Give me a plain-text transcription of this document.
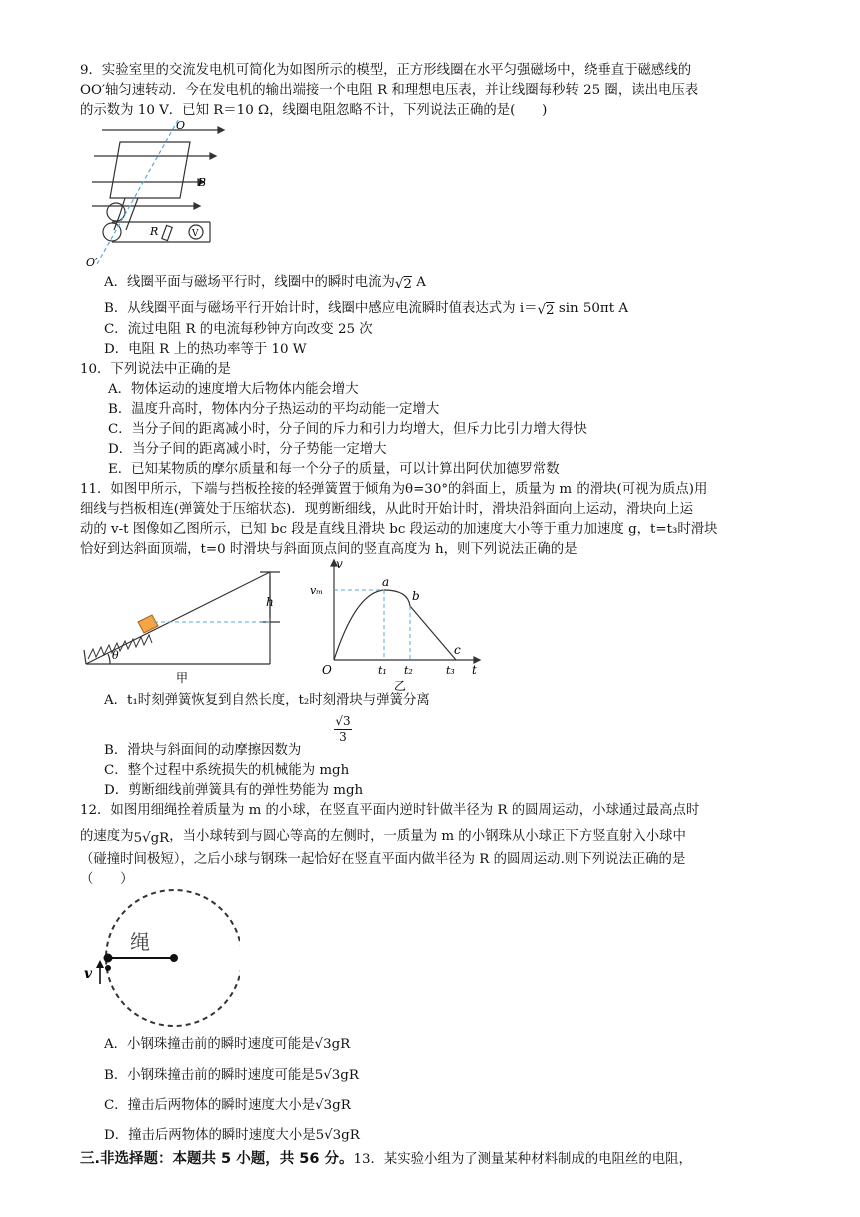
9．实验室里的交流发电机可简化为如图所示的模型，正方形线圈在水平匀强磁场中，绕垂直于磁感线的
OO′轴匀速转动．今在发电机的输出端接一个电阻 R 和理想电压表，并让线圈每秒转 25 圈，读出电压表
的示数为 10 V．已知 R＝10 Ω，线圈电阻忽略不计，下列说法正确的是(　　)
O
B
R	V
O′
A．线圈平面与磁场平行时，线圈中的瞬时电流为√2 A
B．从线圈平面与磁场平行开始计时，线圈中感应电流瞬时值表达式为 i＝√2 sin 50πt A
C．流过电阻 R 的电流每秒钟方向改变 25 次
D．电阻 R 上的热功率等于 10 W
10．下列说法中正确的是
A．物体运动的速度增大后物体内能会增大
B．温度升高时，物体内分子热运动的平均动能一定增大
C．当分子间的距离减小时，分子间的斥力和引力均增大，但斥力比引力增大得快
D．当分子间的距离减小时，分子势能一定增大
E．已知某物质的摩尔质量和每一个分子的质量，可以计算出阿伏加德罗常数
11．如图甲所示，下端与挡板拴接的轻弹簧置于倾角为θ=30°的斜面上，质量为 m 的滑块(可视为质点)用
细线与挡板相连(弹簧处于压缩状态)．现剪断细线，从此时开始计时，滑块沿斜面向上运动，滑块向上运
动的 v-t 图像如乙图所示，已知 bc 段是直线且滑块 bc 段运动的加速度大小等于重力加速度 g，t=t₃时滑块
恰好到达斜面顶端，t=0 时滑块与斜面顶点间的竖直高度为 h，则下列说法正确的是
h
θ
甲
v
t
vₘ
a
b
c
O	t₁ t₂	t₃
乙
A．t₁时刻弹簧恢复到自然长度，t₂时刻滑块与弹簧分离
B．滑块与斜面间的动摩擦因数为
√3
3
C．整个过程中系统损失的机械能为 mgh
D．剪断细线前弹簧具有的弹性势能为 mgh
12．如图用细绳拴着质量为 m 的小球，在竖直平面内逆时针做半径为 R 的圆周运动，小球通过最高点时
的速度为5√gR，当小球转到与圆心等高的左侧时，一质量为 m 的小钢珠从小球正下方竖直射入小球中
（碰撞时间极短），之后小球与钢珠一起恰好在竖直平面内做半径为 R 的圆周运动.则下列说法正确的是
（　　）
绳
v
A．小钢珠撞击前的瞬时速度可能是√3gR
B．小钢珠撞击前的瞬时速度可能是5√3gR
C．撞击后两物体的瞬时速度大小是√3gR
D．撞击后两物体的瞬时速度大小是5√3gR
三.非选择题：本题共 5 小题，共 56 分。13．某实验小组为了测量某种材料制成的电阻丝的电阻，
